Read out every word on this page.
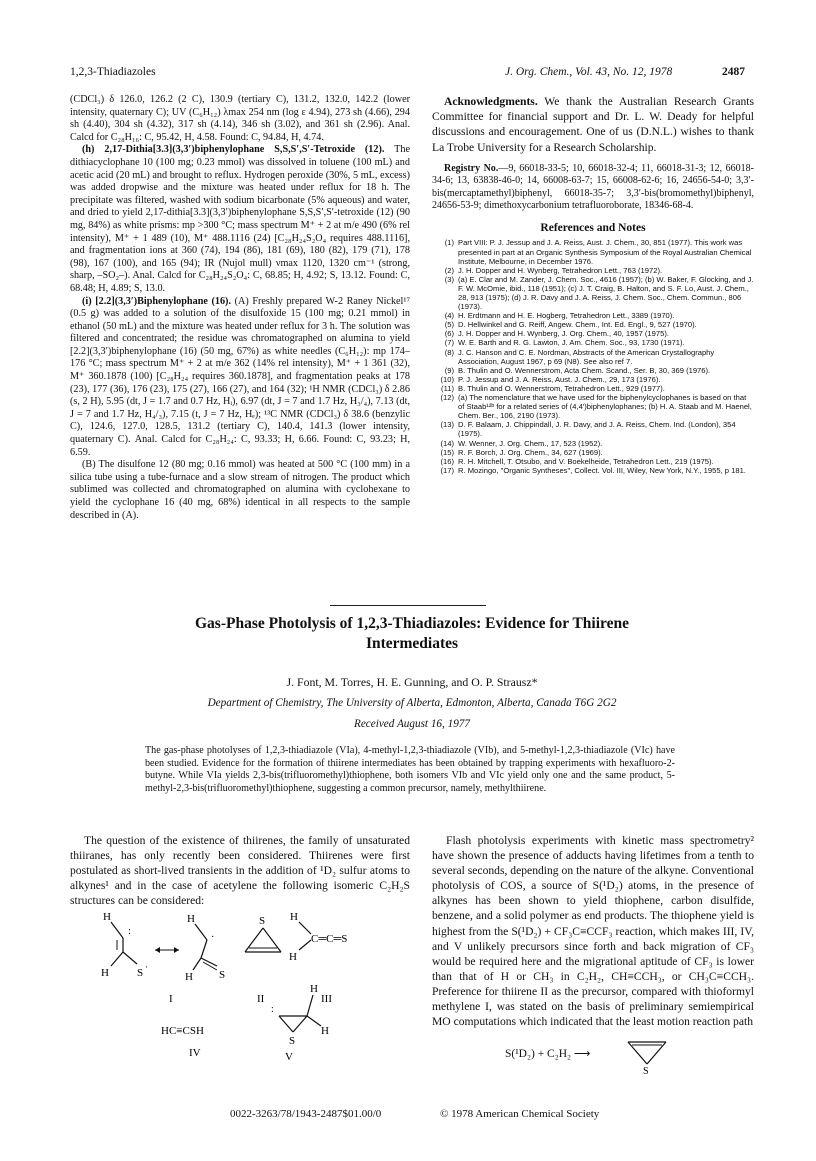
1,2,3-Thiadiazoles	J. Org. Chem., Vol. 43, No. 12, 1978	2487

(CDCl₃) δ 126.0, 126.2 (2 C), 130.9 (tertiary C), 131.2, 132.0, 142.2 (lower intensity, quaternary C); UV (C₆H₁₂) λmax 254 nm (log ε 4.94), 273 sh (4.66), 294 sh (4.40), 304 sh (4.32), 317 sh (4.14), 346 sh (3.02), and 361 sh (2.96). Anal. Calcd for C₂₈H₁₆: C, 95.42, H, 4.58. Found: C, 94.84, H, 4.74.

(h) 2,17-Dithia[3.3](3,3′)biphenylophane S,S,S′,S′-Tetroxide (12). The dithiacyclophane 10 (100 mg; 0.23 mmol) was dissolved in toluene (100 mL) and acetic acid (20 mL) and brought to reflux. Hydrogen peroxide (30%, 5 mL, excess) was added dropwise and the mixture was heated under reflux for 18 h. The precipitate was filtered, washed with sodium bicarbonate (5% aqueous) and water, and dried to yield 2,17-dithia[3.3](3,3′)biphenylophane S,S,S′,S′-tetroxide (12) (90 mg, 84%) as white prisms: mp >300 °C; mass spectrum M⁺ + 2 at m/e 490 (6% rel intensity), M⁺ + 1 489 (10), M⁺ 488.1116 (24) [C₂₈H₂₄S₂O₄ requires 488.1116], and fragmentation ions at 360 (74), 194 (86), 181 (69), 180 (82), 179 (71), 178 (98), 167 (100), and 165 (94); IR (Nujol mull) νmax 1120, 1320 cm⁻¹ (strong, sharp, –SO₂–). Anal. Calcd for C₂₈H₂₄S₂O₄: C, 68.85; H, 4.92; S, 13.12. Found: C, 68.48; H, 4.89; S, 13.0.

(i) [2.2](3,3′)Biphenylophane (16). (A) Freshly prepared W-2 Raney Nickel¹⁷ (0.5 g) was added to a solution of the disulfoxide 15 (100 mg; 0.21 mmol) in ethanol (50 mL) and the mixture was heated under reflux for 3 h. The solution was filtered and concentrated; the residue was chromatographed on alumina to yield [2.2](3,3′)biphenylophane (16) (50 mg, 67%) as white needles (C₆H₁₂): mp 174–176 °C; mass spectrum M⁺ + 2 at m/e 362 (14% rel intensity), M⁺ + 1 361 (32), M⁺ 360.1878 (100) [C₂₈H₂₄ requires 360.1878], and fragmentation peaks at 178 (23), 177 (36), 176 (23), 175 (27), 166 (27), and 164 (32); ¹H NMR (CDCl₃) δ 2.86 (s, 2 H), 5.95 (dt, J = 1.7 and 0.7 Hz, Hᵢ), 6.97 (dt, J = 7 and 1.7 Hz, H₃/₄), 7.13 (dt, J = 7 and 1.7 Hz, H₄/₃), 7.15 (t, J = 7 Hz, Hₑ); ¹³C NMR (CDCl₃) δ 38.6 (benzylic C), 124.6, 127.0, 128.5, 131.2 (tertiary C), 140.4, 141.3 (lower intensity, quaternary C). Anal. Calcd for C₂₈H₂₄: C, 93.33; H, 6.66. Found: C, 93.23; H, 6.59.

(B) The disulfone 12 (80 mg; 0.16 mmol) was heated at 500 °C (100 mm) in a silica tube using a tube-furnace and a slow stream of nitrogen. The product which sublimed was collected and chromatographed on alumina with cyclohexane to yield the cyclophane 16 (40 mg, 68%) identical in all respects to the sample described in (A).

Acknowledgments. We thank the Australian Research Grants Committee for financial support and Dr. L. W. Deady for helpful discussions and encouragement. One of us (D.N.L.) wishes to thank La Trobe University for a Research Scholarship.

Registry No.—9, 66018-33-5; 10, 66018-32-4; 11, 66018-31-3; 12, 66018-34-6; 13, 63838-46-0; 14, 66008-63-7; 15, 66008-62-6; 16, 24656-54-0; 3,3′-bis(mercaptamethyl)biphenyl, 66018-35-7; 3,3′-bis(bromomethyl)biphenyl, 24656-53-9; dimethoxycarbonium tetrafluoroborate, 18346-68-4.

References and Notes
(1) Part VIII: P. J. Jessup and J. A. Reiss, Aust. J. Chem., 30, 851 (1977). This work was presented in part at an Organic Synthesis Symposium of the Royal Australian Chemical Institute, Melbourne, in December 1976.
(2) J. H. Dopper and H. Wynberg, Tetrahedron Lett., 763 (1972).
(3) (a) E. Clar and M. Zander, J. Chem. Soc., 4616 (1957); (b) W. Baker, F. Glocking, and J. F. W. McOmie, ibid., 118 (1951); (c) J. T. Craig, B. Halton, and S. F. Lo, Aust. J. Chem., 28, 913 (1975); (d) J. R. Davy and J. A. Reiss, J. Chem. Soc., Chem. Commun., 806 (1973).
(4) H. Erdtmann and H. E. Hogberg, Tetrahedron Lett., 3389 (1970).
(5) D. Hellwinkel and G. Reiff, Angew. Chem., Int. Ed. Engl., 9, 527 (1970).
(6) J. H. Dopper and H. Wynberg, J. Org. Chem., 40, 1957 (1975).
(7) W. E. Barth and R. G. Lawton, J. Am. Chem. Soc., 93, 1730 (1971).
(8) J. C. Hanson and C. E. Nordman, Abstracts of the American Crystallography Association, August 1967, p 69 (N8). See also ref 7.
(9) B. Thulin and O. Wennerstrom, Acta Chem. Scand., Ser. B, 30, 369 (1976).
(10) P. J. Jessup and J. A. Reiss, Aust. J. Chem., 29, 173 (1976).
(11) B. Thulin and O. Wennerstrom, Tetrahedron Lett., 929 (1977).
(12) (a) The nomenclature that we have used for the biphenylcyclophanes is based on that of Staab¹²ᵇ for a related series of (4,4′)biphenylophanes; (b) H. A. Staab and M. Haenel, Chem. Ber., 106, 2190 (1973).
(13) D. F. Balaam, J. Chippindall, J. R. Davy, and J. A. Reiss, Chem. Ind. (London), 354 (1975).
(14) W. Wenner, J. Org. Chem., 17, 523 (1952).
(15) R. F. Borch, J. Org. Chem., 34, 627 (1969).
(16) R. H. Mitchell, T. Otsubo, and V. Boekelheide, Tetrahedron Lett., 219 (1975).
(17) R. Mozingo, "Organic Syntheses", Collect. Vol. III, Wiley, New York, N.Y., 1955, p 181.
Gas-Phase Photolysis of 1,2,3-Thiadiazoles: Evidence for Thiirene
Intermediates
J. Font, M. Torres, H. E. Gunning, and O. P. Strausz*
Department of Chemistry, The University of Alberta, Edmonton, Alberta, Canada T6G 2G2
Received August 16, 1977
The gas-phase photolyses of 1,2,3-thiadiazole (VIa), 4-methyl-1,2,3-thiadiazole (VIb), and 5-methyl-1,2,3-thiadiazole (VIc) have been studied. Evidence for the formation of thiirene intermediates has been obtained by trapping experiments with hexafluoro-2-butyne. While VIa yields 2,3-bis(trifluoromethyl)thiophene, both isomers VIb and VIc yield only one and the same product, 5-methyl-2,3-bis(trifluoromethyl)thiophene, suggesting a common precursor, namely, methylthiirene.

The question of the existence of thiirenes, the family of unsaturated thiiranes, has only recently been considered. Thiirenes were first postulated as short-lived transients in the addition of ¹D₂ sulfur atoms to alkynes¹ and in the case of acetylene the following isomeric C₂H₂S structures can be considered:

Flash photolysis experiments with kinetic mass spectrometry² have shown the presence of adducts having lifetimes from a tenth to several seconds, depending on the nature of the alkyne. Conventional photolysis of COS, a source of S(¹D₂) atoms, in the presence of alkynes has been shown to yield thiophene, carbon disulfide, benzene, and a solid polymer as end products. The thiophene yield is highest from the S(¹D₂) + CF₃C≡CCF₃ reaction, which makes III, IV, and V unlikely precursors since forth and back migration of CF₃ would be required here and the migrational aptitude of CF₃ is lower than that of H or CH₃ in C₂H₂, CH≡CCH₃, or CH₃C≡CCH₃. Preference for thiirene II as the precursor, compared with thioformyl methylene I, was stated on the basis of preliminary semiempirical MO computations which indicated that the least motion reaction path

S(¹D₂) + C₂H₂ ⟶
S
H
H	S ·
:
H
H S
·
S H
C═C═S
H
I	II	III
HC≡CSH
IV
H
H
S
:
V
0022-3263/78/1943-2487$01.00/0	© 1978 American Chemical Society
